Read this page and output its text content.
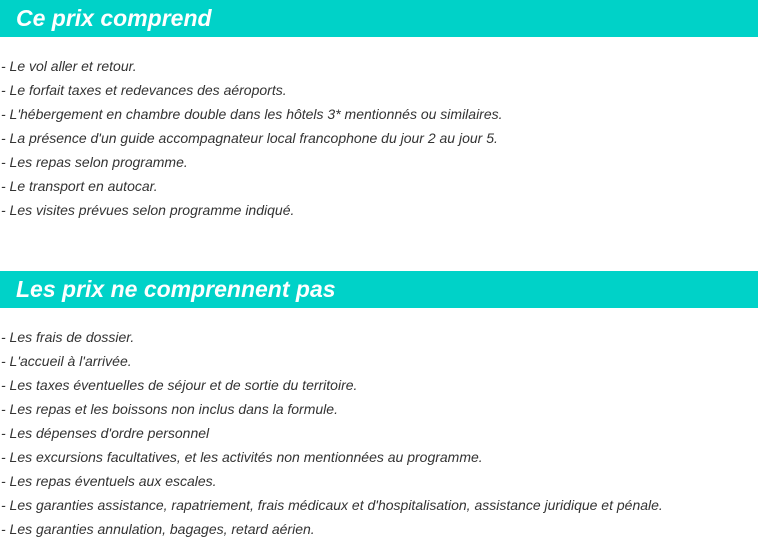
Ce prix comprend
- Le vol aller et retour.
- Le forfait taxes et redevances des aéroports.
- L'hébergement en chambre double dans les hôtels 3* mentionnés ou similaires.
- La présence d'un guide accompagnateur local francophone du jour 2 au jour 5.
- Les repas selon programme.
- Le transport en autocar.
- Les visites prévues selon programme indiqué.
Les prix ne comprennent pas
- Les frais de dossier.
- L'accueil à l'arrivée.
- Les taxes éventuelles de séjour et de sortie du territoire.
- Les repas et les boissons non inclus dans la formule.
- Les dépenses d'ordre personnel
- Les excursions facultatives, et les activités non mentionnées au programme.
- Les repas éventuels aux escales.
- Les garanties assistance, rapatriement, frais médicaux et d'hospitalisation, assistance juridique et pénale.
- Les garanties annulation, bagages, retard aérien.
